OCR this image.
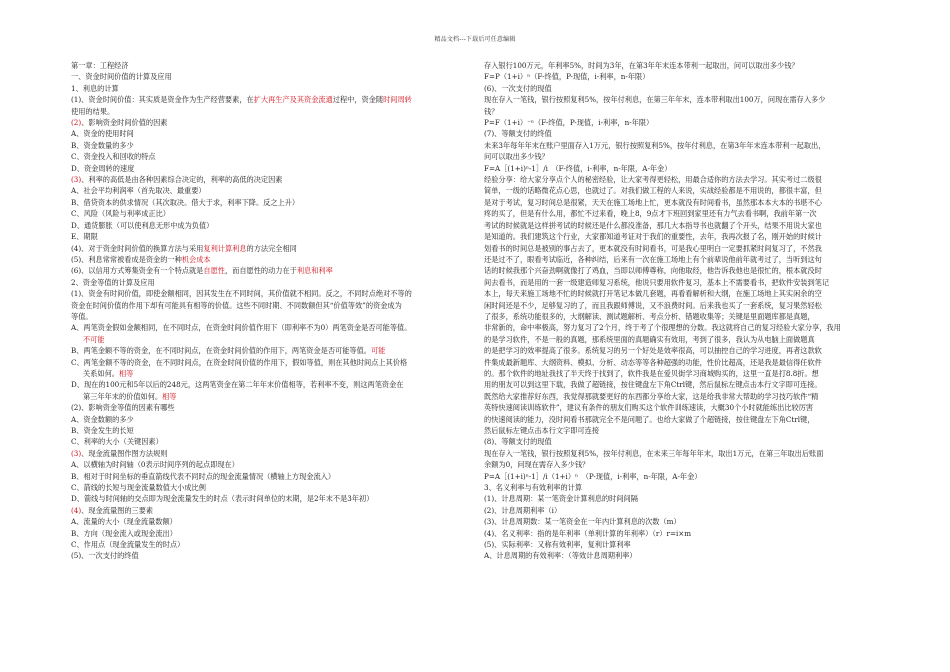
精品文档---下载后可任意编辑
第一章：工程经济
一、资金时间价值的计算及应用
1、利息的计算
(1)、资金时间价值：其实质是资金作为生产经营要素，在扩大再生产及其资金流通过程中，资金随时间周转
使用的结果。
(2)、影响资金时间价值的因素
A、资金的使用时间
B、资金数量的多少
C、资金投入和回收的特点
D、资金周转的速度
(3)、利率的高低是由各种因素综合决定的，利率的高低的决定因素
A、社会平均利润率（首先取决、最重要）
B、借贷资本的供求情况（其次取决。借大于求，利率下降。反之上升）
C、风险（风险与利率成正比）
D、通货膨胀（可以使利息无形中成为负值）
E、期限
(4)、对于资金时间价值的换算方法与采用复利计算利息的方法完全相同
(5)、利息常常被看成是资金的一种机会成本
(6)、以信用方式筹集资金有一个特点就是自愿性，而自愿性的动力在于利息和利率
2、资金等值的计算及应用
(1)、资金有时间价值，即使金额相同，因其发生在不同时间，其价值就不相同。反之，不同时点绝对不等的
资金在时间价值的作用下却有可能具有相等的价值。这些不同时期、不同数额但其“价值等效”的资金成为
等值。
A、两笔资金假如金额相同，在不同时点，在资金时间价值作用下（即利率不为0）两笔资金是否可能等值。
不可能
B、两笔金额不等的资金，在不同时间点，在资金时间价值的作用下，两笔资金是否可能等值。可能
C、两笔金额不等的资金，在不同时间点，在资金时间价值的作用下，假如等值，则在其他时间点上其价格
关系如何。相等
D、现在的100元和5年以后的248元，这两笔资金在第二年年末价值相等，若利率不变，则这两笔资金在
第三年年末的价值如何。相等
(2)、影响资金等值的因素有哪些
A、资金数额的多少
B、资金发生的长短
C、利率的大小（关键因素）
(3)、现金流量图作图方法规则
A、以横轴为时间轴（0表示时间序列的起点即现在）
B、相对于时间坐标的垂直箭线代表不同时点的现金流量情况（横轴上方现金流入）
C、箭线的长短与现金流量数值大小成比例
D、箭线与时间轴的交点即为现金流量发生的时点（表示时间单位的末期，是2年末不是3年初）
(4)、现金流量图的三要素
A、流量的大小（现金流量数额）
B、方向（现金流入或现金流出）
C、作用点（现金流量发生的时点）
(5)、一次支付的终值
存入银行100万元，年利率5%，时间为3年，在第3年年末连本带利一起取出，问可以取出多少钱？
F=P（1+i）ⁿ（F-终值，P-现值，i-利率，n-年限）
(6)、一次支付的现值
现在存入一笔钱，银行按照复利5%，按年付利息，在第三年年末，连本带利取出100万，问现在需存入多少
钱？
P=F（1+i）⁻ⁿ（F-终值，P-现值，i-利率，n-年限）
(7)、等额支付的终值
未来3年每年年末在账户里面存入1万元，银行按照复利5%，按年付利息，在第3年年末连本带利一起取出，
问可以取出多少钱？
F=A［(1+i)ⁿ-1］/i　（F-终值，i-利率，n-年限，A-年金）
经验分享：给大家分享点个人的秘密经验，让大家考得更轻松，用最合适你的方法去学习。其实考过二级很
简单，一级的话略微花点心思，也就过了。对我们做工程的人来说，实战经验都是不用说的，都很丰富，但
是对于考试，复习时间总是很紧，天天在施工场地上忙，更本就没有时间看书，虽然那本本大本的书堪不心
疼的买了，但是有什么用，都忙不过来看，晚上8，9点才下班回到家里还有力气去看书啊，我前年第一次
考试的时候就是这样拼考试的时候还是什么都没准备，那几大本指导书也就翻了个开头，结果不用说大家也
是知道的。我们建筑这个行业，大家都知道考证对于我们的重要性，去年，我再次报了名，刚开始的时候计
划看书的时间总是被别的事占去了，更本就没有时间看书，可是我心里明白一定要抓紧时间复习了，不然我
还是过不了，眼看考试临近，各种纠结，后来有一次在施工场地上有个前辈说他前年就考过了，当听到这句
话的时候我那个兴奋劲啊就像打了鸡血，当即以师傅尊称，向他取经，他告诉我他也是很忙的，根本就没时
间去看书，而是用的一套一级建造师复习系统，他说只要用软件复习，基本上不需要看书，把软件安装到笔记
本上，每天来施工场地不忙的时候就打开笔记本做几套题，再看看解析和大纲，在施工场地上其实闲余的空
闲时间还是不少，足够复习的了，而且我跟师傅说，又不浪费时间。后来我也买了一套系统，复习果然轻松
了很多，系统功能很多的，大纲解读、测试题解析、考点分析、错题收集等；关键是里面题库都是真题，
非常新的，命中率极高，努力复习了2个月，终于考了个很理想的分数。我这就将自己的复习经验大家分享，我用
的是学习软件，不是一般的真题，那系统里面的真题确实有效用，考到了很多，我认为从电脑上面做题真
的是把学习的效率提高了很多。系统复习的另一个好处是效率很高，可以抽控自己的学习进度，再者这款软
件集成最新题库、大纲资料、模拟、分析、动态等等各种超强的功能，性价比超高，还是我是最信得任软件
的。那个软件的地址我找了半天终于找到了，软件我是在爱贝街学习商城购买的，这里一直是打8.8折。想
用的朋友可以到这里下载，我做了超链接，按住键盘左下角Ctrl键，然后鼠标左键点击本行文字即可连接。
既然给大家推荐好东西，我觉得那就要更好的东西都分享给大家，这是给我非常大帮助的学习技巧软件“精
英特快速阅读训练软件”，建议有条件的朋友们购买这个软件训练速读，大概30个小时就能练出比较厉害
的快速阅读的能力，没时间看书那就完全不是问题了。也给大家做了个超链接，按住键盘左下角Ctrl键，
然后鼠标左键点击本行文字即可连接
(8)、等额支付的现值
现在存入一笔钱，银行按照复利5%，按年付利息，在未来三年每年年末，取出1万元，在第三年取出后账面
余额为0，问现在需存入多少钱？
P=A［(1+i)ⁿ-1］/i（1+i）ⁿ　（P-现值，i-利率，n-年限，A-年金）
3、名义利率与有效利率的计算
(1)、计息周期：某一笔资金计算利息的时间间隔
(2)、计息周期利率（i）
(3)、计息周期数：某一笔资金在一年内计算利息的次数（m）
(4)、名义利率：指的是年利率（单利计算的年利率）（r）r=i×m
(5)、实际利率：又称有效利率，复利计算利率
A、计息周期的有效利率：（等效计息周期利率）
